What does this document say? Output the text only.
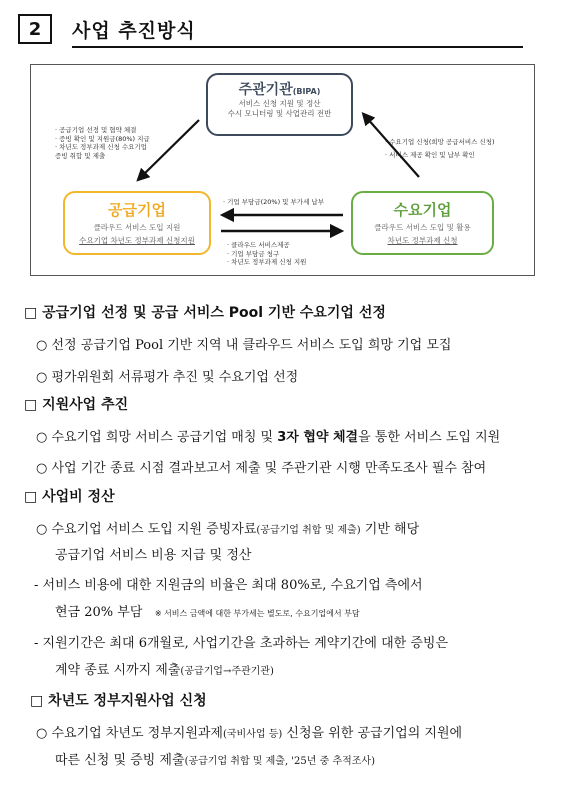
2 사업 추진방식
주관기관(BIPA)
서비스 신청 지원 및 정산
수시 모니터링 및 사업관리 전반
공급기업
클라우드 서비스 도입 지원
수요기업 차년도 정부과제 신청지원
수요기업
클라우드 서비스 도입 및 활용
차년도 정부과제 신청
· 공급기업 선정 및 협약 체결
· 증빙 확인 및 지원금(80%) 지급
· 차년도 정부과제 신청 수요기업
증빙 취합 및 제출
· 수요기업 신청(희망 공급서비스 신청)
· 서비스 제공 확인 및 납부 확인
· 기업 부담금(20%) 및 부가세 납부
· 클라우드 서비스제공
· 기업 부담금 청구
· 차년도 정부과제 신청 지원
□ 공급기업 선정 및 공급 서비스 Pool 기반 수요기업 선정
○ 선정 공급기업 Pool 기반 지역 내 클라우드 서비스 도입 희망 기업 모집
○ 평가위원회 서류평가 추진 및 수요기업 선정
□ 지원사업 추진
○ 수요기업 희망 서비스 공급기업 매칭 및 3자 협약 체결을 통한 서비스 도입 지원
○ 사업 기간 종료 시점 결과보고서 제출 및 주관기관 시행 만족도조사 필수 참여
□ 사업비 정산
○ 수요기업 서비스 도입 지원 증빙자료(공급기업 취합 및 제출) 기반 해당
공급기업 서비스 비용 지급 및 정산
- 서비스 비용에 대한 지원금의 비율은 최대 80%로, 수요기업 측에서
현금 20% 부담 ※ 서비스 금액에 대한 부가세는 별도로, 수요기업에서 부담
- 지원기간은 최대 6개월로, 사업기간을 초과하는 계약기간에 대한 증빙은
계약 종료 시까지 제출(공급기업→주관기관)
□ 차년도 정부지원사업 신청
○ 수요기업 차년도 정부지원과제(국비사업 등) 신청을 위한 공급기업의 지원에
따른 신청 및 증빙 제출(공급기업 취합 및 제출, '25년 중 추적조사)
